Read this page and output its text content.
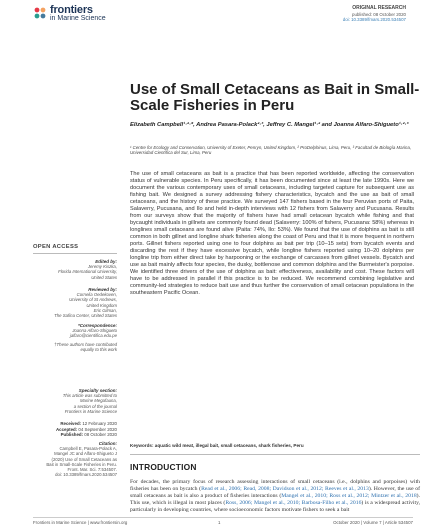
frontiers
in Marine Science
ORIGINAL RESEARCH
published: 08 October 2020
doi: 10.3389/fmars.2020.534507
Use of Small Cetaceans as Bait in Small-Scale Fisheries in Peru
Elizabeth Campbell¹·²·*, Andrea Pasara-Polack²·³, Jeffrey C. Mangel¹·² and Joanna Alfaro-Shigueto¹·²·³
¹ Centre for Ecology and Conservation, University of Exeter, Penryn, United Kingdom, ² ProDelphinus, Lima, Peru, ³ Facultad de Biología Marina, Universidad Científica del Sur, Lima, Peru
The use of small cetaceans as bait is a practice that has been reported worldwide, affecting the conservation status of vulnerable species. In Peru specifically, it has been documented since at least the late 1990s. Here we document the various contemporary uses of small cetaceans, including targeted capture for subsequent use as fishing bait. We designed a survey addressing fishery characteristics, bycatch and the use as bait of small cetaceans, and the history of these practice. We surveyed 147 fishers based in the four Peruvian ports of Paita, Salaverry, Pucusana, and Ilo and held in-depth interviews with 12 fishers from Salaverry and Pucusana. Results from our surveys show that the majority of fishers have had small cetacean bycatch while fishing and that bycaught individuals in gillnets are commonly found dead (Salaverry: 100% of fishers, Pucusana: 58%) whereas in longlines small cetaceans are found alive (Paita: 74%, Ilo: 53%). We found that the use of dolphins as bait is still common in both gillnet and longline shark fisheries along the coast of Peru and that it is more frequent in northern ports. Gillnet fishers reported using one to four dolphins as bait per trip (10–15 sets) from bycatch events and discarding the rest if they have excessive bycatch, while longline fishers reported using 10–20 dolphins per longline trip from either direct take by harpooning or the exchange of carcasses from gillnet vessels. Bycatch and use as bait mainly affects four species, the dusky, bottlenose and common dolphins and the Burmeister's porpoise. We identified three drivers of the use of dolphins as bait: effectiveness, availability and cost. These factors will have to be addressed in parallel if this practice is to be reduced. We recommend combining legislative and community-led strategies to reduce bait use and thus further the conservation of small cetacean populations in the southeastern Pacific Ocean.
OPEN ACCESS
Edited by:
Jeremy Kiszka,
Florida International University,
United States
Reviewed by:
Cornelia Oedekoven,
University of St Andrews,
United Kingdom
Eric Gilman,
The Safina Center, United States
*Correspondence:
Joanna Alfaro-Shigueto
jalfaro@cientifica.edu.pe
†These authors have contributed
equally to this work
Specialty section:
This article was submitted to
Marine Megafauna,
a section of the journal
Frontiers in Marine Science
Received: 12 February 2020
Accepted: 04 September 2020
Published: 08 October 2020
Citation:
Campbell E, Pasara-Polack A,
Mangel JC and Alfaro-Shigueto J
(2020) Use of Small Cetaceans as
Bait in Small-Scale Fisheries in Peru.
Front. Mar. Sci. 7:534507.
doi: 10.3389/fmars.2020.534507
Keywords: aquatic wild meat, illegal bait, small cetaceans, shark fisheries, Peru
INTRODUCTION
For decades, the primary focus of research assessing interactions of small cetaceans (i.e., dolphins and porpoises) with fisheries has been on bycatch (Read et al., 2006; Read, 2008; Davidson et al., 2012; Reeves et al., 2013). However, the use of small cetaceans as bait is also a product of fisheries interactions (Mangel et al., 2010; Ross et al., 2012; Mintzer et al., 2018). This use, which is illegal in most places (Ross, 2006; Mangel et al., 2010; Barbosa-Filho et al., 2016) is a widespread activity, particularly in developing countries, where socioeconomic factors motivate fishers to seek a bait
Frontiers in Marine Science | www.frontiersin.org	1	October 2020 | Volume 7 | Article 534507
